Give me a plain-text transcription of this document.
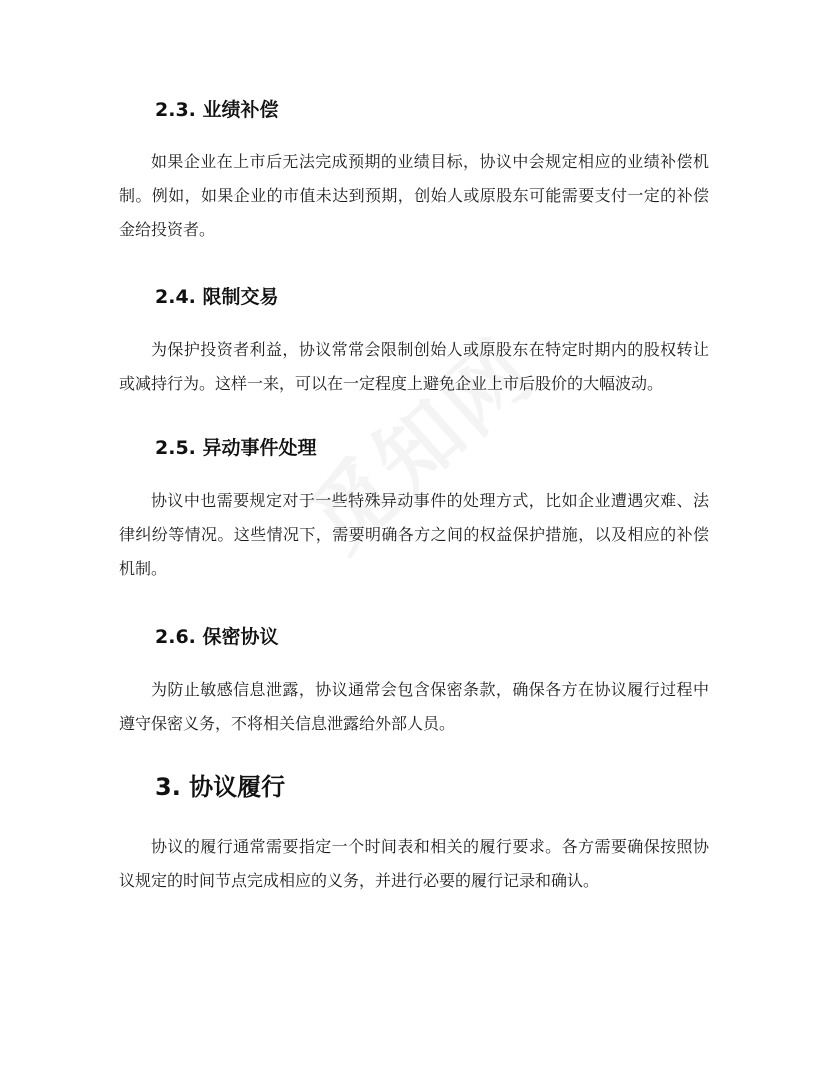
2.3. 业绩补偿

如果企业在上市后无法完成预期的业绩目标，协议中会规定相应的业绩补偿机制。例如，如果企业的市值未达到预期，创始人或原股东可能需要支付一定的补偿金给投资者。

2.4. 限制交易

为保护投资者利益，协议常常会限制创始人或原股东在特定时期内的股权转让或减持行为。这样一来，可以在一定程度上避免企业上市后股价的大幅波动。

2.5. 异动事件处理

协议中也需要规定对于一些特殊异动事件的处理方式，比如企业遭遇灾难、法律纠纷等情况。这些情况下，需要明确各方之间的权益保护措施，以及相应的补偿机制。

2.6. 保密协议

为防止敏感信息泄露，协议通常会包含保密条款，确保各方在协议履行过程中遵守保密义务，不将相关信息泄露给外部人员。

3. 协议履行

协议的履行通常需要指定一个时间表和相关的履行要求。各方需要确保按照协议规定的时间节点完成相应的义务，并进行必要的履行记录和确认。
